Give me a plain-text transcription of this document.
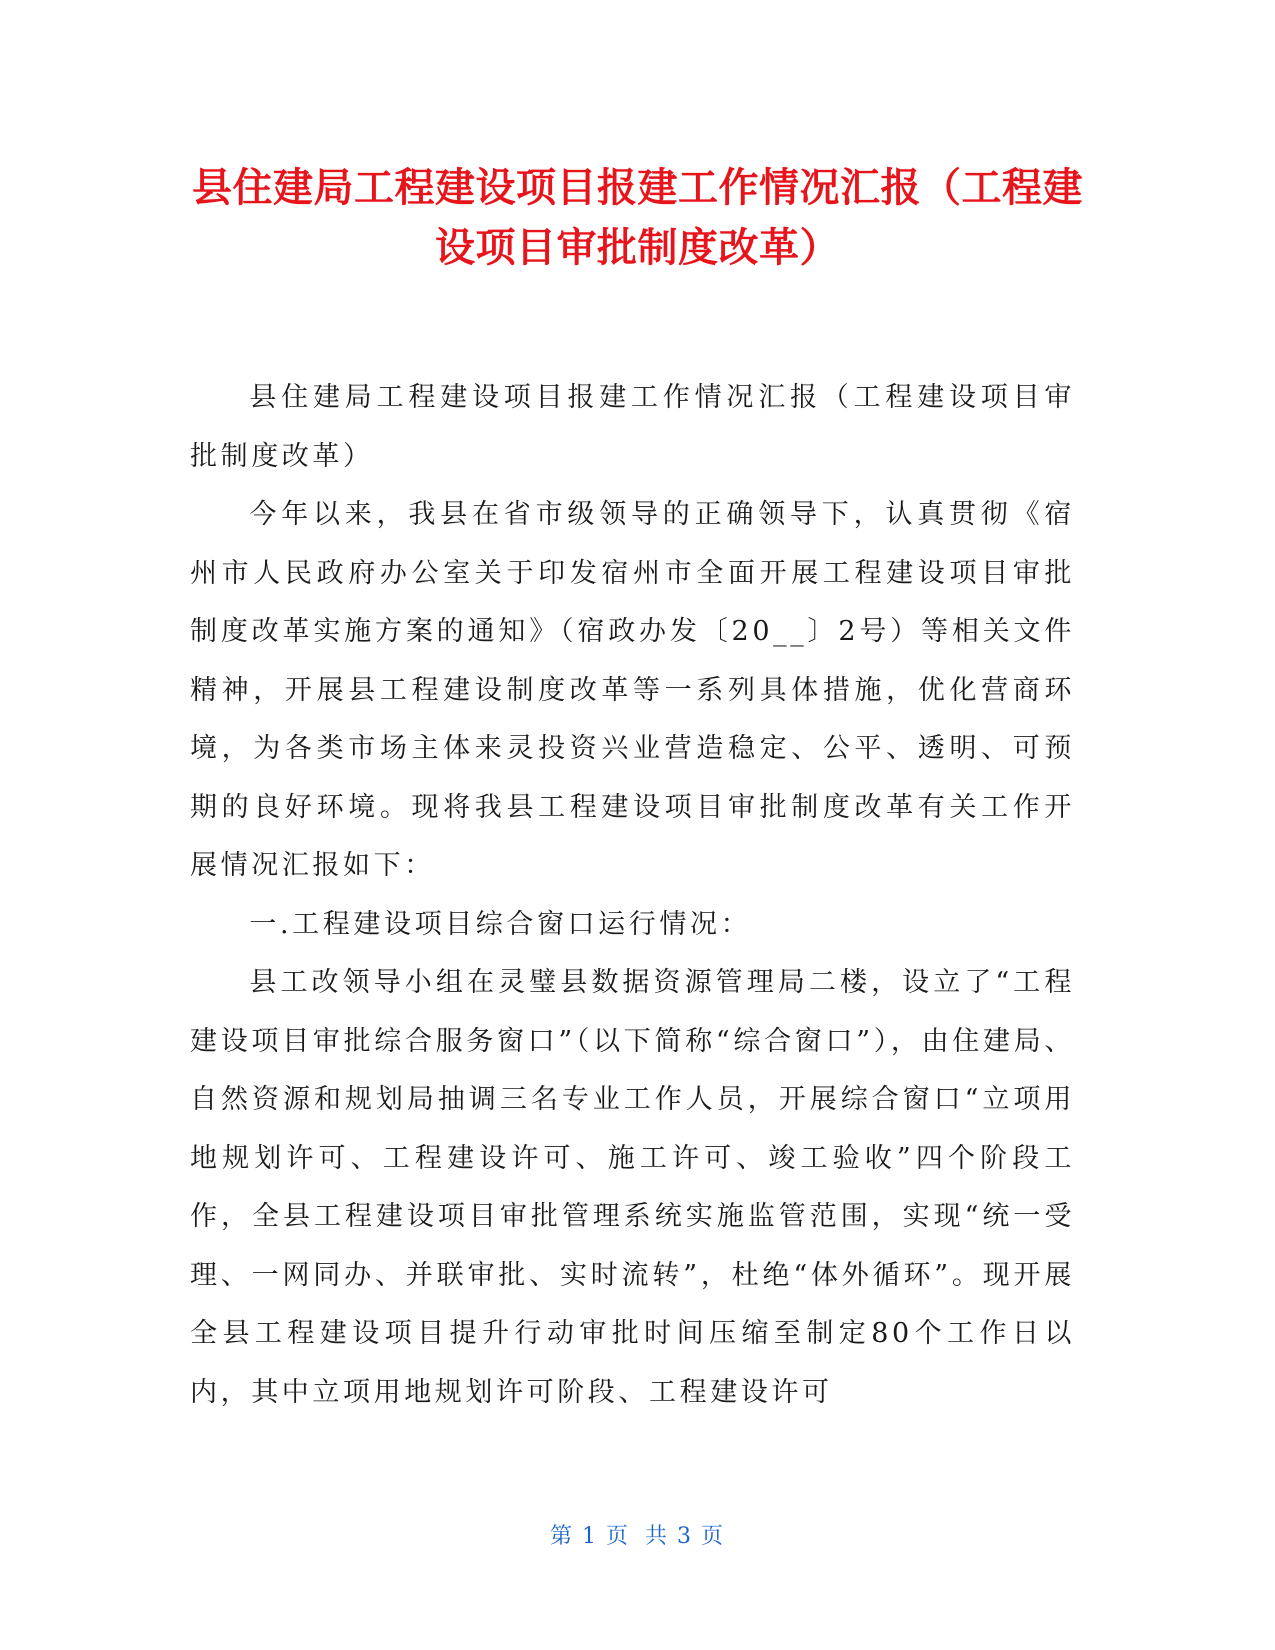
县住建局工程建设项目报建工作情况汇报（工程建设项目审批制度改革）

县住建局工程建设项目报建工作情况汇报（工程建设项目审批制度改革）

今年以来，我县在省市级领导的正确领导下，认真贯彻《宿州市人民政府办公室关于印发宿州市全面开展工程建设项目审批制度改革实施方案的通知》（宿政办发〔20__〕2号）等相关文件精神，开展县工程建设制度改革等一系列具体措施，优化营商环境，为各类市场主体来灵投资兴业营造稳定、公平、透明、可预期的良好环境。现将我县工程建设项目审批制度改革有关工作开展情况汇报如下：

一.工程建设项目综合窗口运行情况：

县工改领导小组在灵璧县数据资源管理局二楼，设立了“工程建设项目审批综合服务窗口”（以下简称“综合窗口”），由住建局、自然资源和规划局抽调三名专业工作人员，开展综合窗口“立项用地规划许可、工程建设许可、施工许可、竣工验收”四个阶段工作，全县工程建设项目审批管理系统实施监管范围，实现“统一受理、一网同办、并联审批、实时流转”，杜绝“体外循环”。现开展全县工程建设项目提升行动审批时间压缩至制定80个工作日以内，其中立项用地规划许可阶段、工程建设许可

第 1 页 共 3 页
